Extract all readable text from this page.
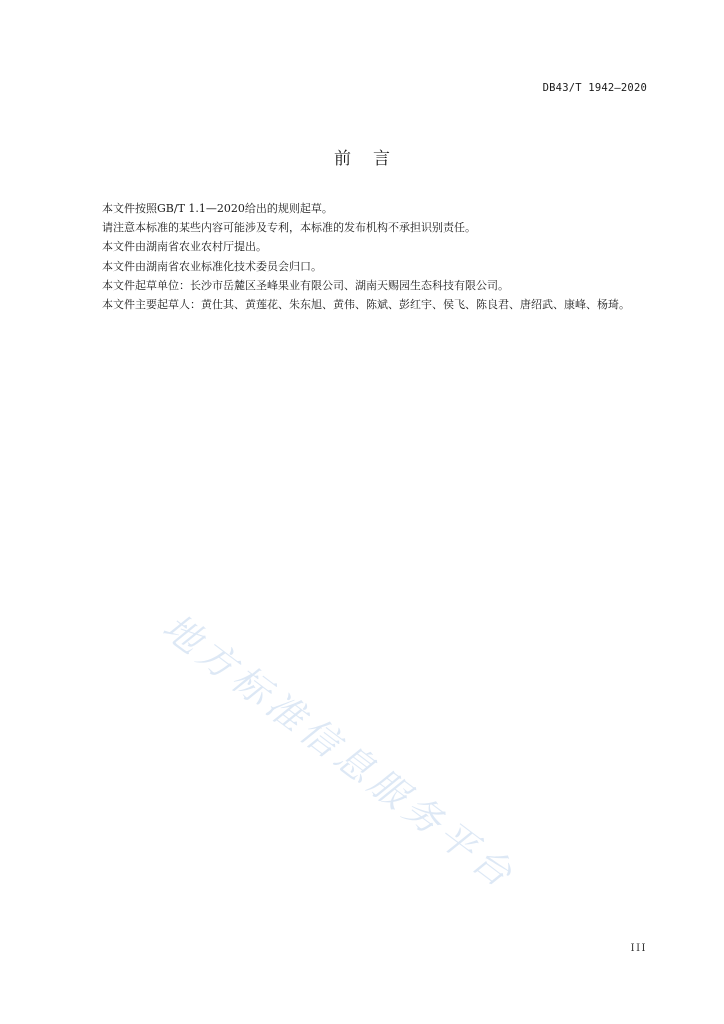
DB43/T 1942—2020
前言

本文件按照GB/T 1.1—2020给出的规则起草。

请注意本标准的某些内容可能涉及专利，本标准的发布机构不承担识别责任。

本文件由湖南省农业农村厅提出。

本文件由湖南省农业标准化技术委员会归口。

本文件起草单位：长沙市岳麓区圣峰果业有限公司、湖南天赐园生态科技有限公司。

本文件主要起草人：黄仕其、黄莲花、朱东旭、黄伟、陈斌、彭红宇、侯飞、陈良君、唐绍武、康峰、杨琦。

地方标准信息服务平台
III
